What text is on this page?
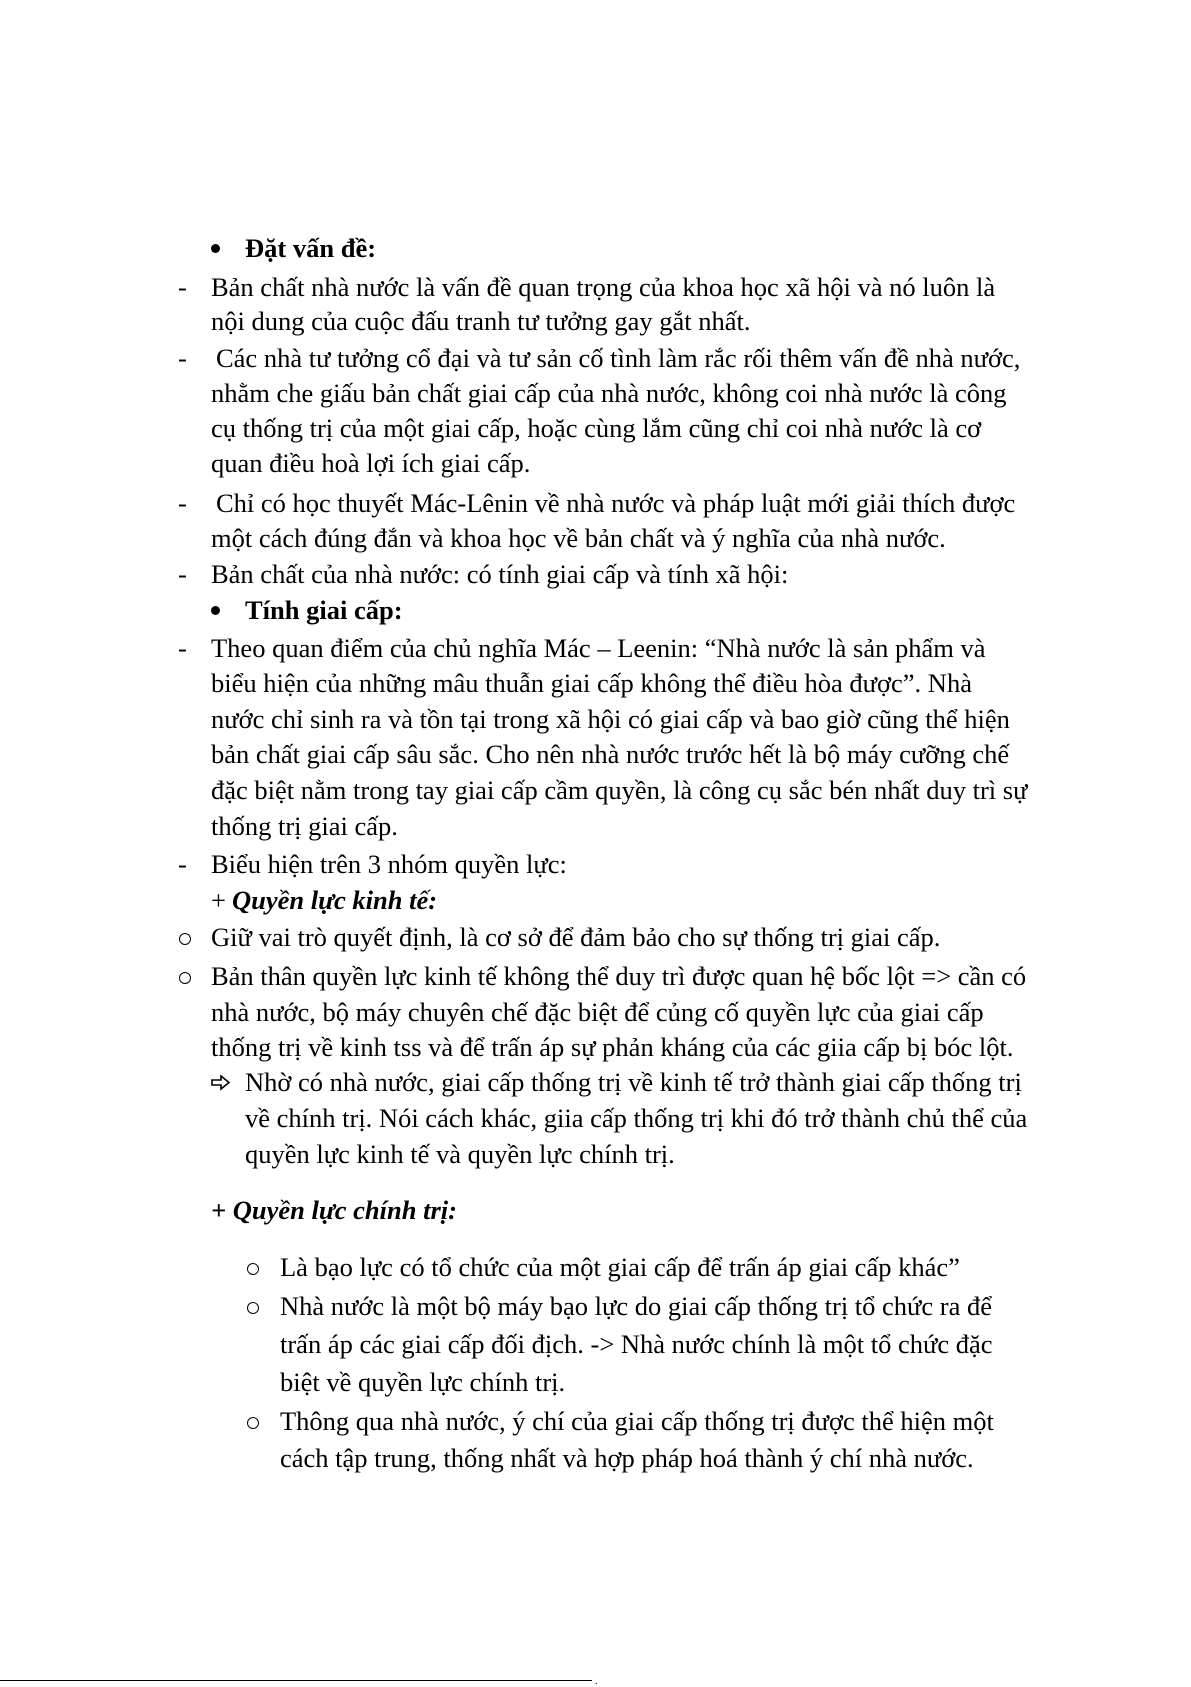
Đặt vấn đề:
- Bản chất nhà nước là vấn đề quan trọng của khoa học xã hội và nó luôn là
nội dung của cuộc đấu tranh tư tưởng gay gắt nhất.
- Các nhà tư tưởng cổ đại và tư sản cố tình làm rắc rối thêm vấn đề nhà nước,
nhằm che giấu bản chất giai cấp của nhà nước, không coi nhà nước là công
cụ thống trị của một giai cấp, hoặc cùng lắm cũng chỉ coi nhà nước là cơ
quan điều hoà lợi ích giai cấp.
- Chỉ có học thuyết Mác-Lênin về nhà nước và pháp luật mới giải thích được
một cách đúng đắn và khoa học về bản chất và ý nghĩa của nhà nước.
- Bản chất của nhà nước: có tính giai cấp và tính xã hội:
Tính giai cấp:
- Theo quan điểm của chủ nghĩa Mác – Leenin: “Nhà nước là sản phẩm và
biểu hiện của những mâu thuẫn giai cấp không thể điều hòa được”. Nhà
nước chỉ sinh ra và tồn tại trong xã hội có giai cấp và bao giờ cũng thể hiện
bản chất giai cấp sâu sắc. Cho nên nhà nước trước hết là bộ máy cưỡng chế
đặc biệt nằm trong tay giai cấp cầm quyền, là công cụ sắc bén nhất duy trì sự
thống trị giai cấp.
- Biểu hiện trên 3 nhóm quyền lực:
+ Quyền lực kinh tế:
Giữ vai trò quyết định, là cơ sở để đảm bảo cho sự thống trị giai cấp.
Bản thân quyền lực kinh tế không thể duy trì được quan hệ bốc lột => cần có
nhà nước, bộ máy chuyên chế đặc biệt để củng cố quyền lực của giai cấp
thống trị về kinh tss và để trấn áp sự phản kháng của các giia cấp bị bóc lột.
Nhờ có nhà nước, giai cấp thống trị về kinh tế trở thành giai cấp thống trị
về chính trị. Nói cách khác, giia cấp thống trị khi đó trở thành chủ thể của
quyền lực kinh tế và quyền lực chính trị.
+ Quyền lực chính trị:
Là bạo lực có tổ chức của một giai cấp để trấn áp giai cấp khác”
Nhà nước là một bộ máy bạo lực do giai cấp thống trị tổ chức ra để
trấn áp các giai cấp đối địch. -> Nhà nước chính là một tổ chức đặc
biệt về quyền lực chính trị.
Thông qua nhà nước, ý chí của giai cấp thống trị được thể hiện một
cách tập trung, thống nhất và hợp pháp hoá thành ý chí nhà nước.
.
